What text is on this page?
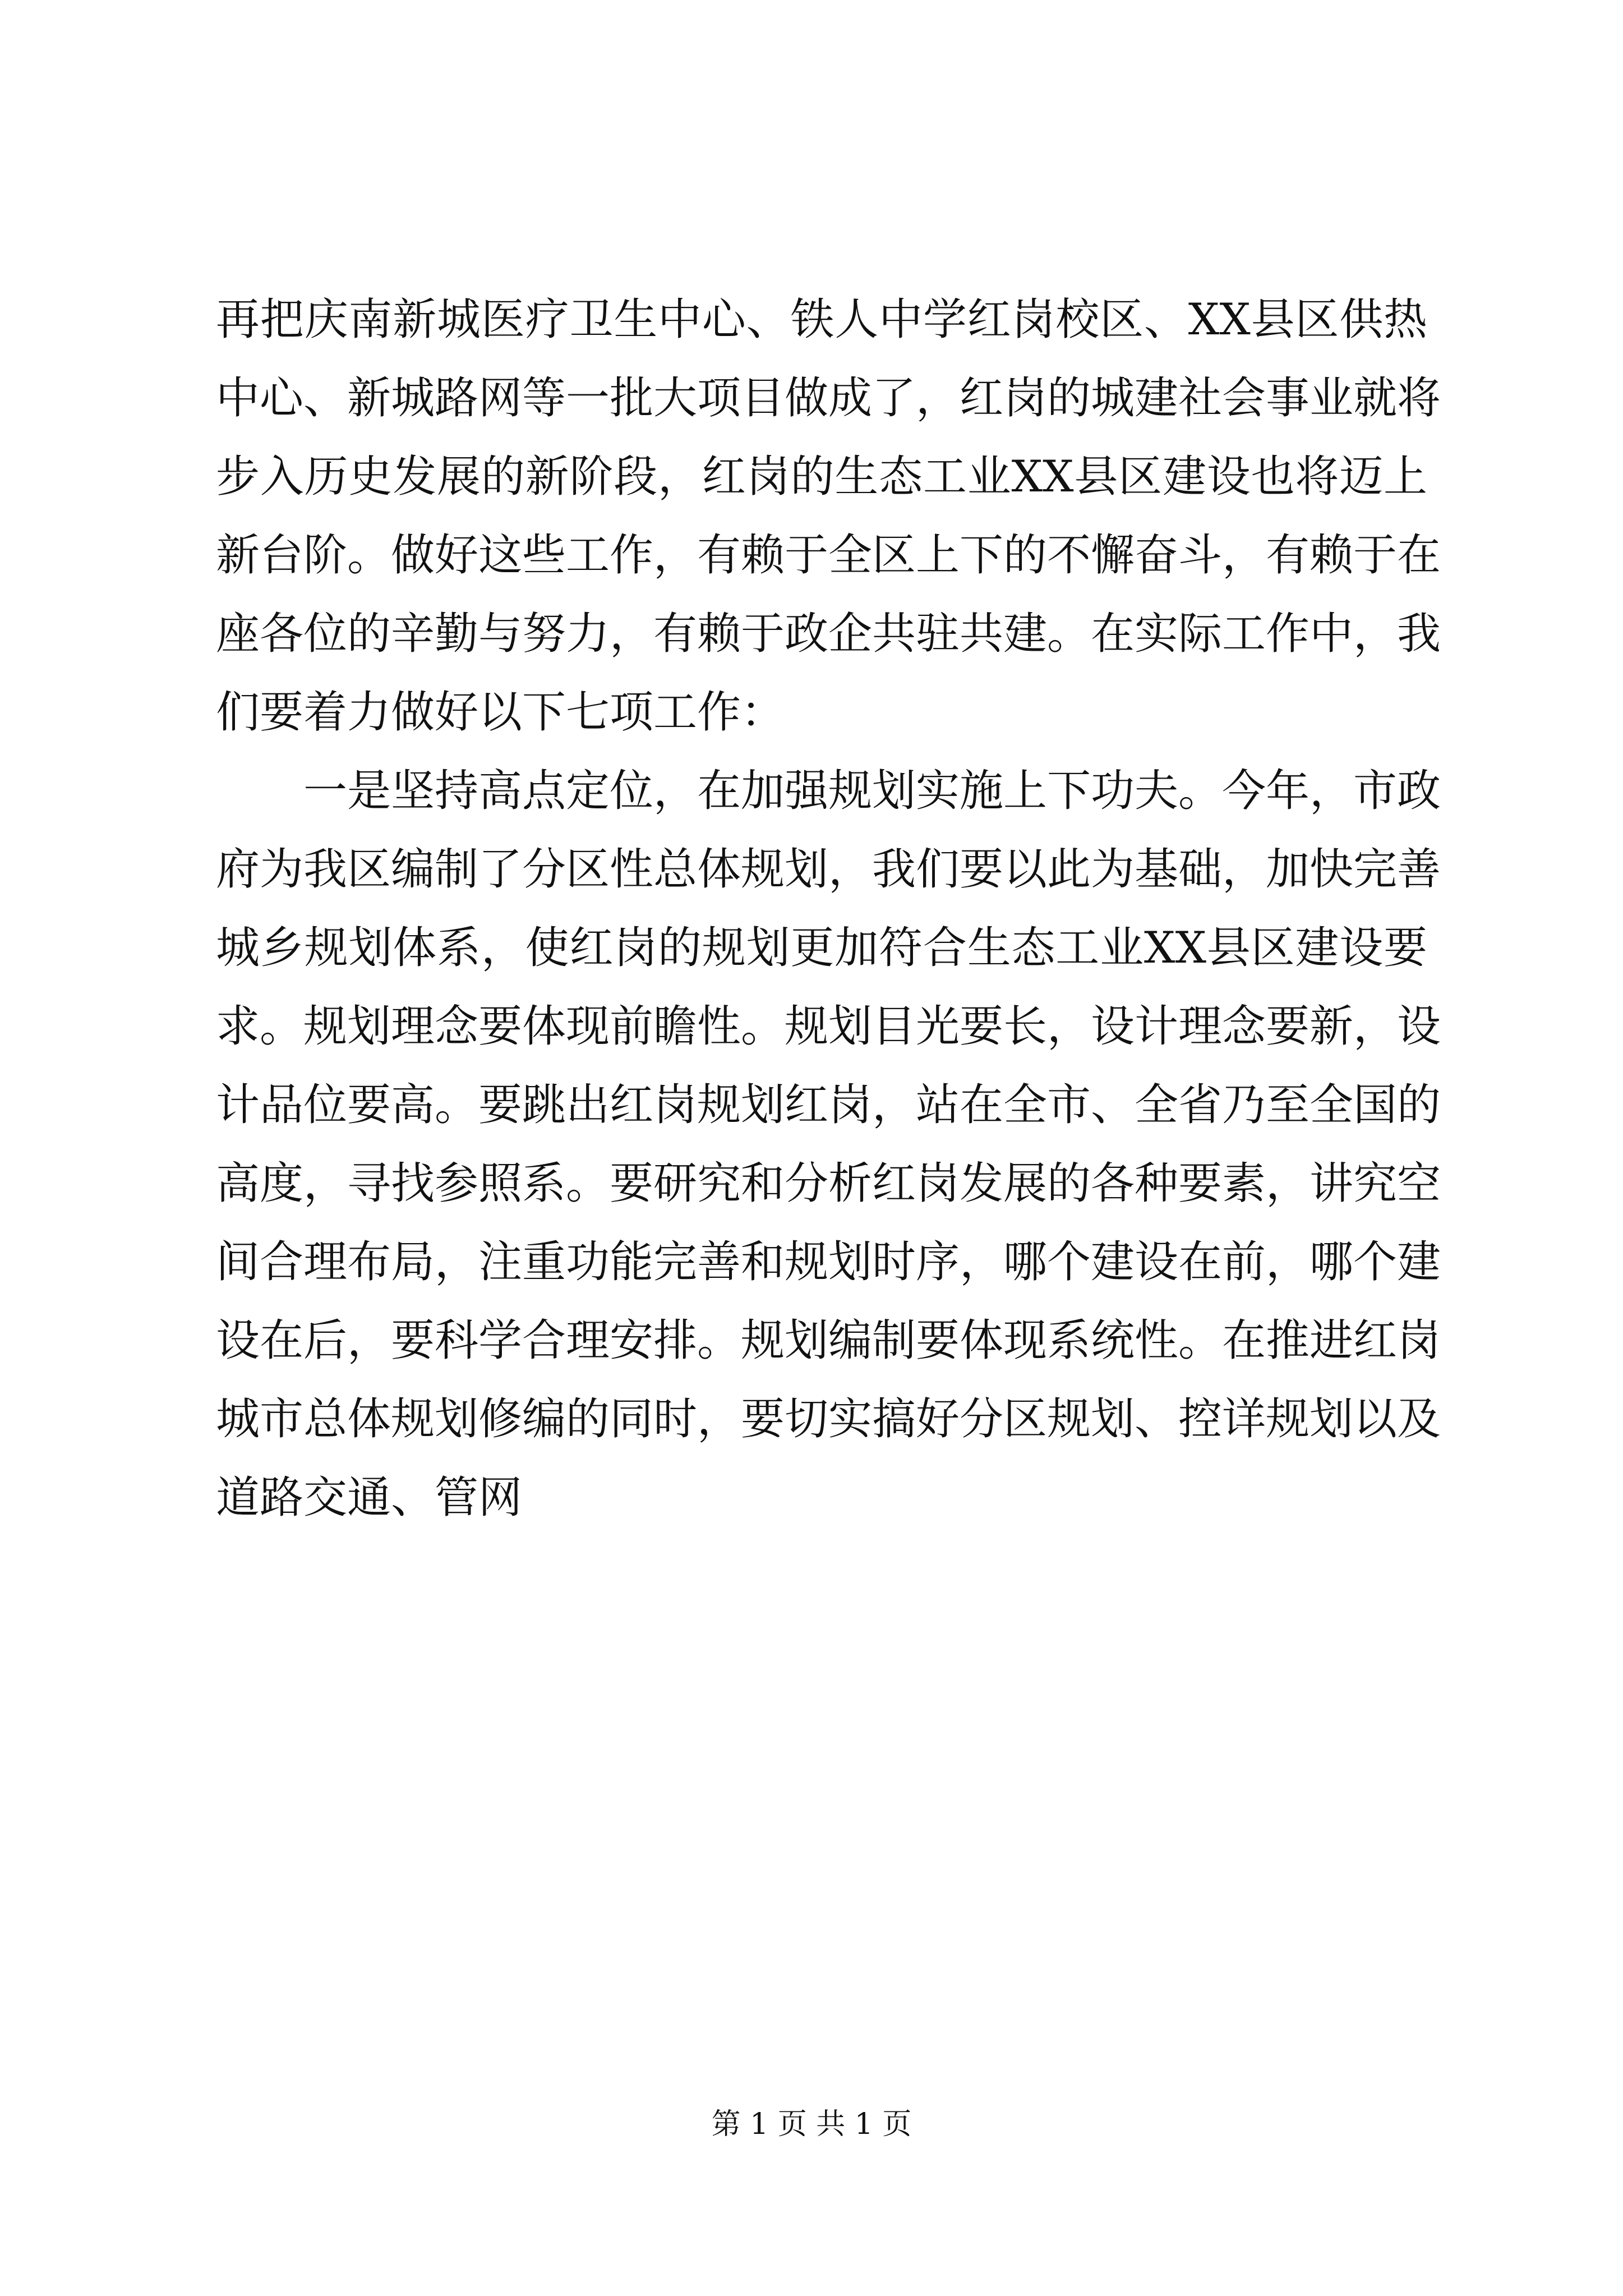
再把庆南新城医疗卫生中心、铁人中学红岗校区、XX县区供热
中心、新城路网等一批大项目做成了，红岗的城建社会事业就将
步入历史发展的新阶段，红岗的生态工业XX县区建设也将迈上
新台阶。做好这些工作，有赖于全区上下的不懈奋斗，有赖于在
座各位的辛勤与努力，有赖于政企共驻共建。在实际工作中，我
们要着力做好以下七项工作：
一是坚持高点定位，在加强规划实施上下功夫。今年，市政
府为我区编制了分区性总体规划，我们要以此为基础，加快完善
城乡规划体系，使红岗的规划更加符合生态工业XX县区建设要
求。规划理念要体现前瞻性。规划目光要长，设计理念要新，设
计品位要高。要跳出红岗规划红岗，站在全市、全省乃至全国的
高度，寻找参照系。要研究和分析红岗发展的各种要素，讲究空
间合理布局，注重功能完善和规划时序，哪个建设在前，哪个建
设在后，要科学合理安排。规划编制要体现系统性。在推进红岗
城市总体规划修编的同时，要切实搞好分区规划、控详规划以及
道路交通、管网
第 1 页 共 1 页
